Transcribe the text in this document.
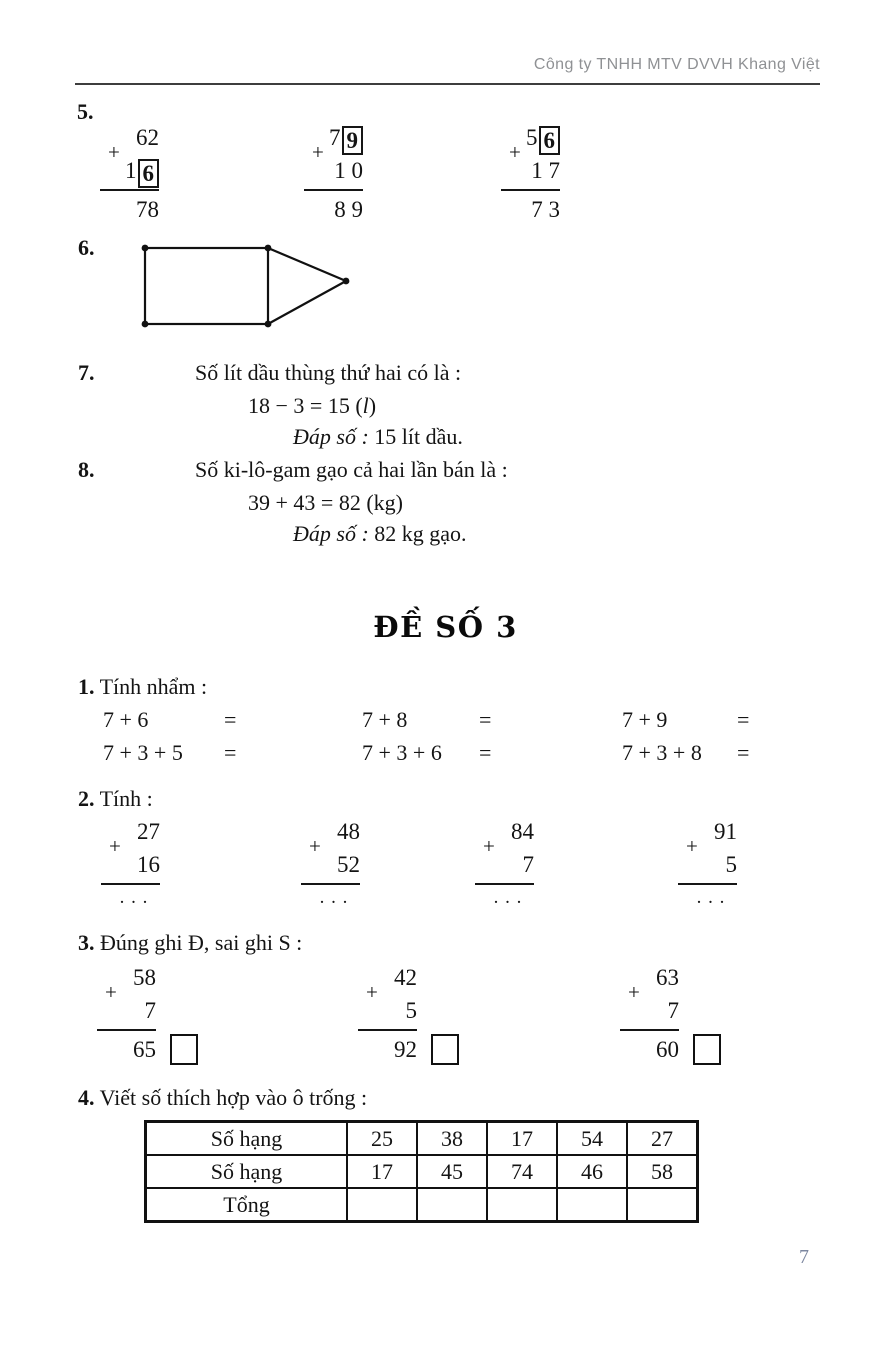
Công ty TNHH MTV DVVH Khang Việt
5.
62
+
1 6
78
7 9
+
1 0
8 9
5 6
+
1 7
7 3
6.
7.	Số lít dầu thùng thứ hai có là :
18 − 3 = 15 (l)
Đáp số : 15 lít dầu.
8.	Số ki-lô-gam gạo cả hai lần bán là :
39 + 43 = 82 (kg)
Đáp số : 82 kg gạo.
ĐỀ SỐ 3
1. Tính nhẩm :
7 + 6	=	7 + 8	=	7 + 9	=
7 + 3 + 5 =	7 + 3 + 6 =	7 + 3 + 8 =
2. Tính :
27
+
16
. . .
48
+
52
. . .
84
+
7
. . .
91
+
5
. . .
3. Đúng ghi Đ, sai ghi S :
58
+
7
65
42
+
5
92
63
+
7
60
4. Viết số thích hợp vào ô trống :
Số hạng	25	38	17	54	27
Số hạng	17	45	74	46	58
Tổng					
7
